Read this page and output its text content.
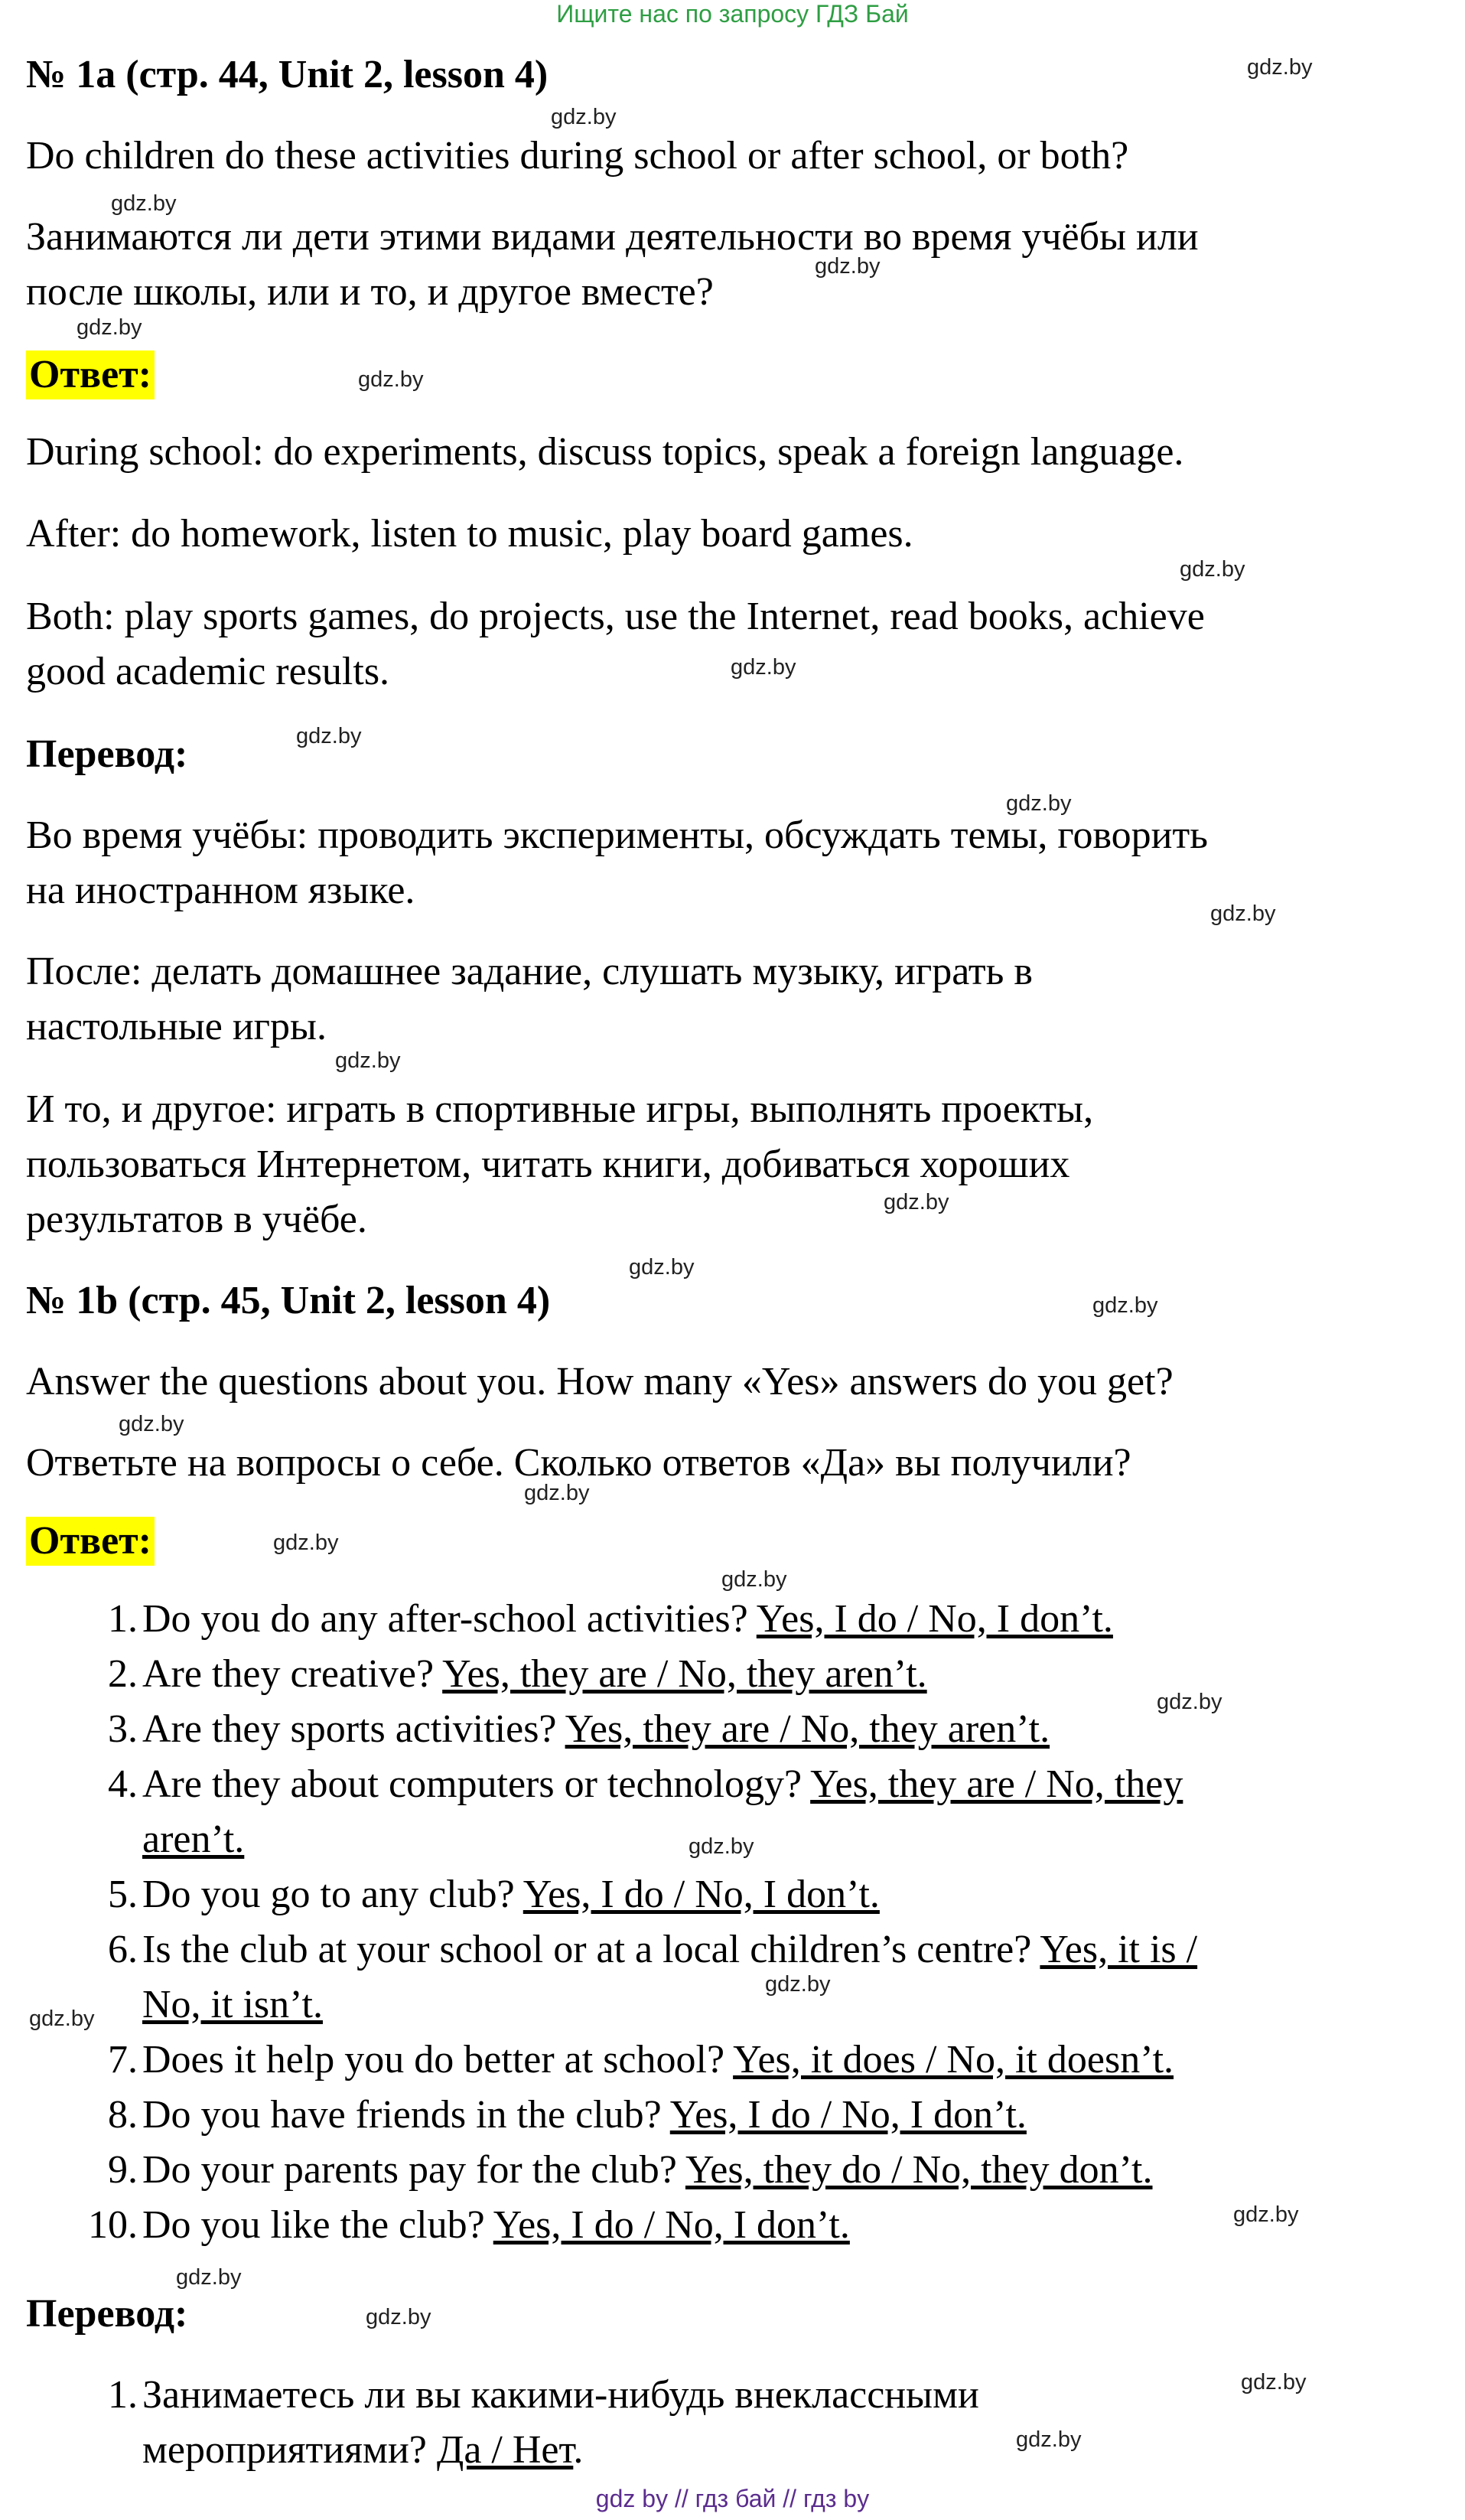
Ищите нас по запросу ГДЗ Бай
№ 1a (стр. 44, Unit 2, lesson 4)
Do children do these activities during school or after school, or both?
Занимаются ли дети этими видами деятельности во время учёбы или
после школы, или и то, и другое вместе?
Ответ:
During school: do experiments, discuss topics, speak a foreign language.
After: do homework, listen to music, play board games.
Both: play sports games, do projects, use the Internet, read books, achieve
good academic results.
Перевод:
Во время учёбы: проводить эксперименты, обсуждать темы, говорить
на иностранном языке.
После: делать домашнее задание, слушать музыку, играть в
настольные игры.
И то, и другое: играть в спортивные игры, выполнять проекты,
пользоваться Интернетом, читать книги, добиваться хороших
результатов в учёбе.
№ 1b (стр. 45, Unit 2, lesson 4)
Answer the questions about you. How many «Yes» answers do you get?
Ответьте на вопросы о себе. Сколько ответов «Да» вы получили?
Ответ:
1. Do you do any after-school activities? Yes, I do / No, I don’t.
2. Are they creative? Yes, they are / No, they aren’t.
3. Are they sports activities? Yes, they are / No, they aren’t.
4. Are they about computers or technology? Yes, they are / No, they
aren’t.
5. Do you go to any club? Yes, I do / No, I don’t.
6. Is the club at your school or at a local children’s centre? Yes, it is /
No, it isn’t.
7. Does it help you do better at school? Yes, it does / No, it doesn’t.
8. Do you have friends in the club? Yes, I do / No, I don’t.
9. Do your parents pay for the club? Yes, they do / No, they don’t.
10. Do you like the club? Yes, I do / No, I don’t.
Перевод:
1. Занимаетесь ли вы какими-нибудь внеклассными
мероприятиями? Да / Нет.
gdz.by
gdz.by
gdz.by
gdz.by
gdz.by
gdz.by
gdz.by
gdz.by
gdz.by
gdz.by
gdz.by
gdz.by
gdz.by
gdz.by
gdz.by
gdz.by
gdz.by
gdz.by
gdz.by
gdz.by
gdz.by
gdz.by
gdz.by
gdz.by
gdz.by
gdz.by
gdz.by
gdz.by
gdz by // гдз бай // гдз by
